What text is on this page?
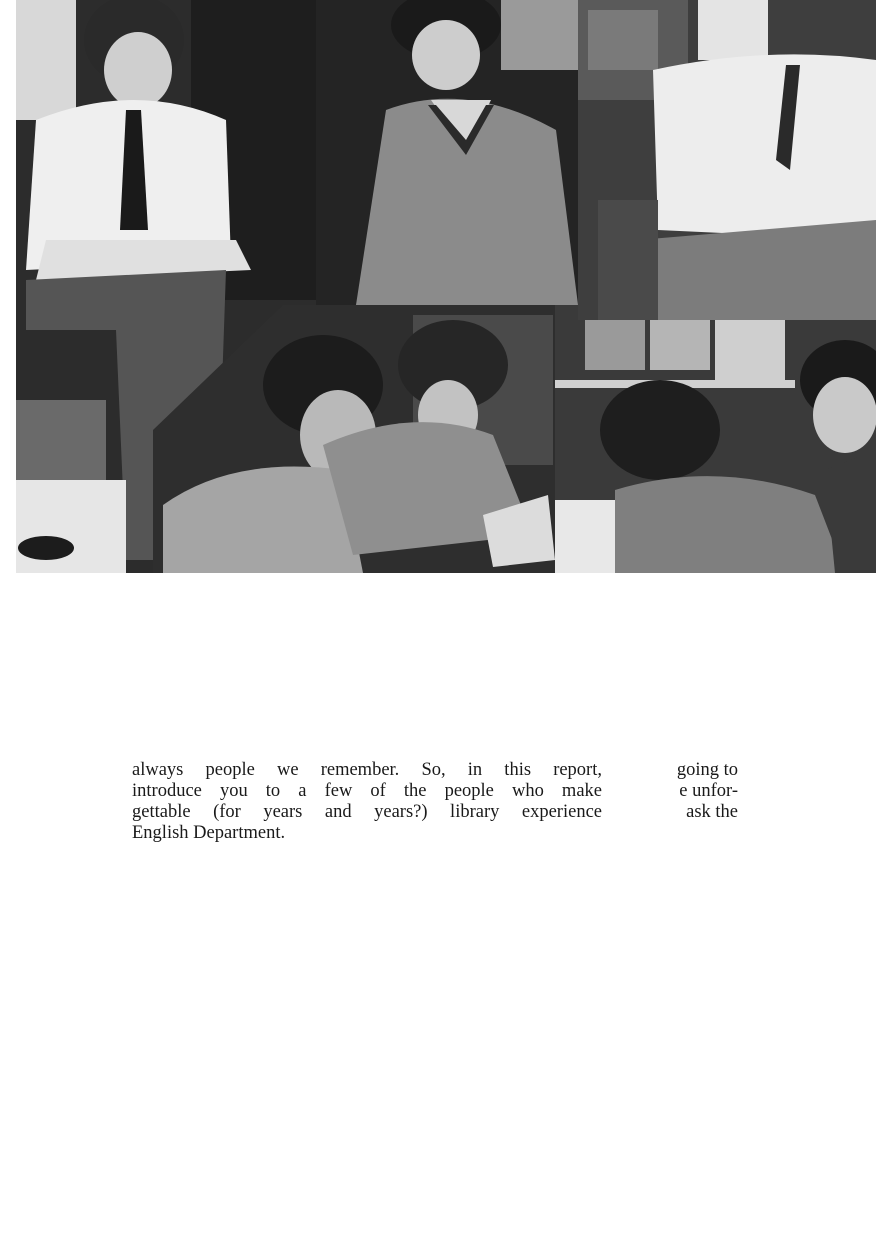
always people we remember. So, in this report,
introduce you to a few of the people who make
gettable (for years and years?) library experience
English Department.
going to
e unfor-
ask the
